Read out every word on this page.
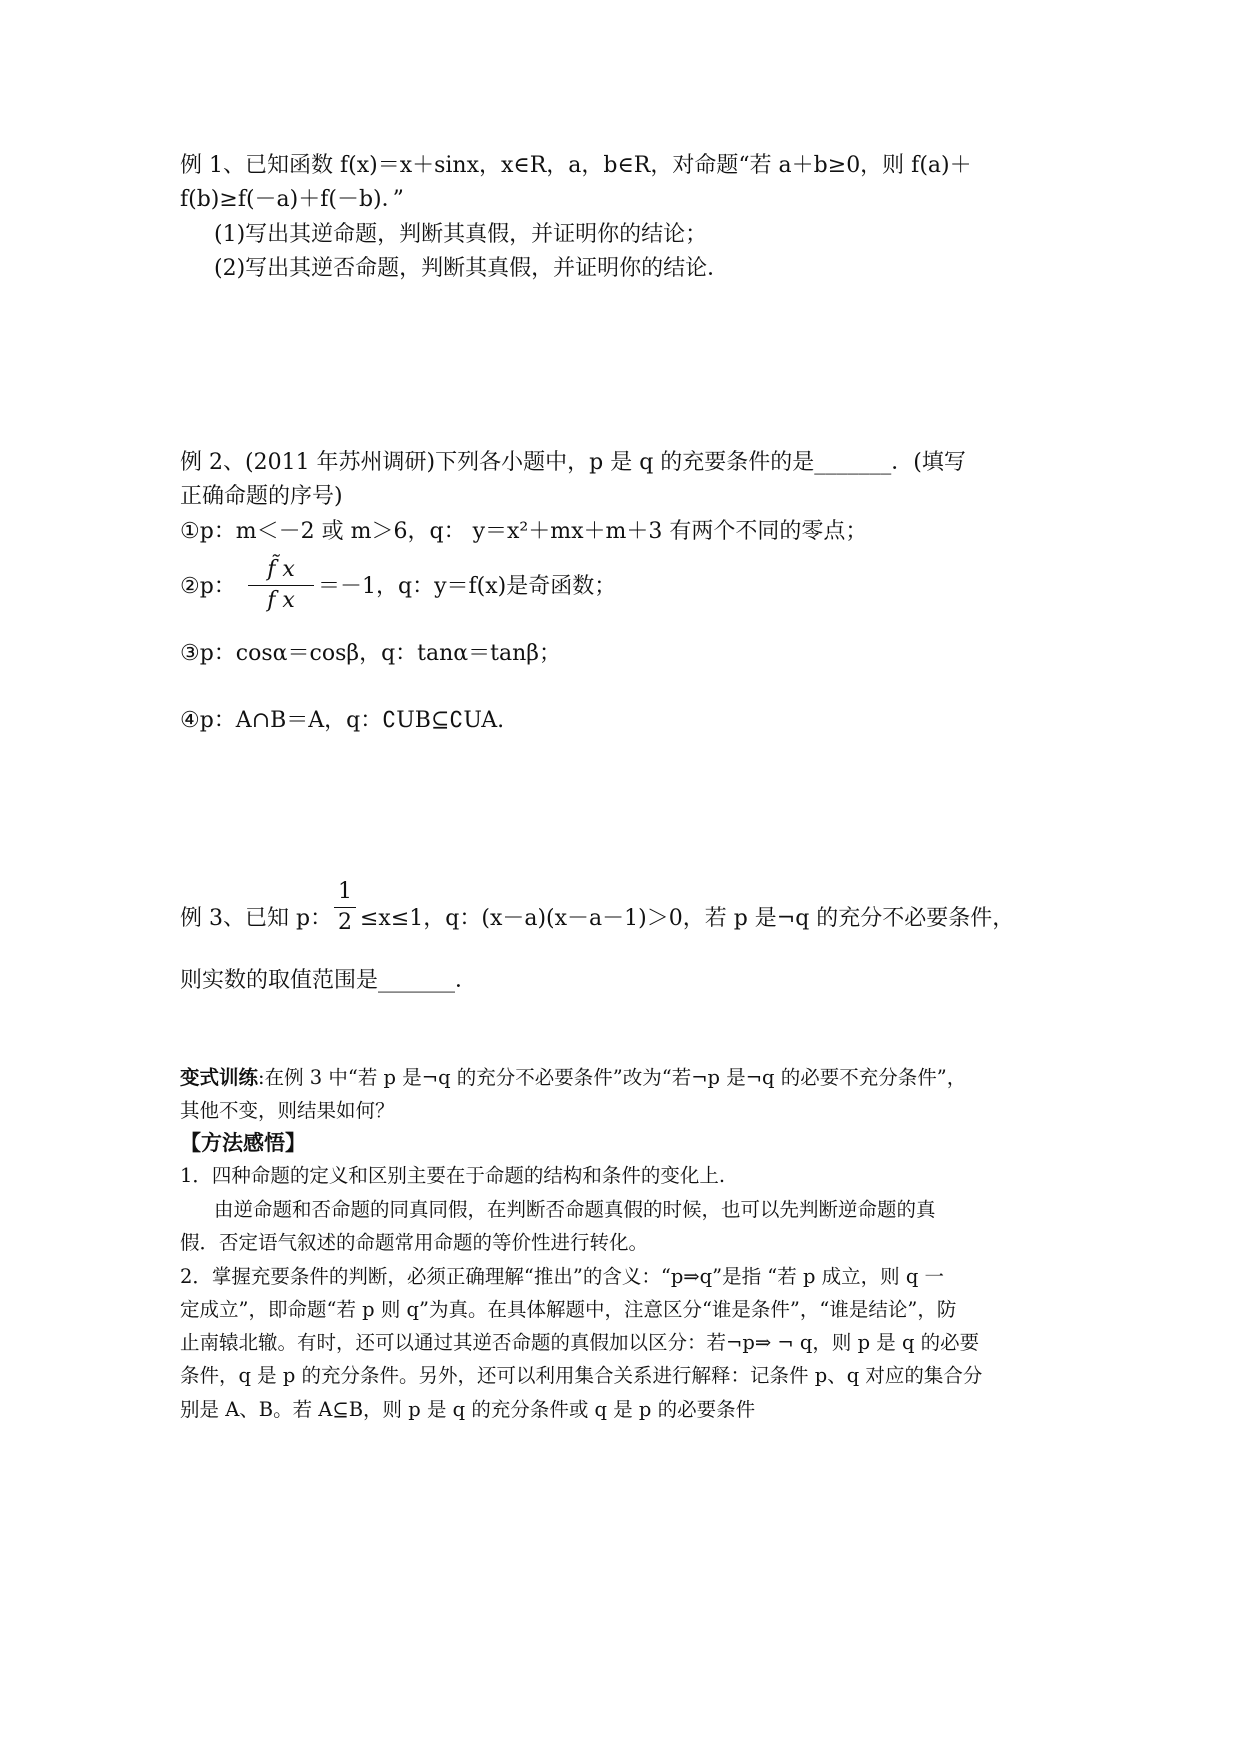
例 1、已知函数 f(x)＝x＋sinx，x∈R，a，b∈R，对命题“若 a＋b≥0，则 f(a)＋
f(b)≥f(－a)＋f(－b)．”
(1)写出其逆命题，判断其真假，并证明你的结论；
(2)写出其逆否命题，判断其真假，并证明你的结论．
例 2、(2011 年苏州调研)下列各小题中，p 是 q 的充要条件的是_______．(填写
正确命题的序号)
①p：m＜－2 或 m＞6，q： y＝x²＋mx＋m＋3 有两个不同的零点；
②p：
f̃ x
f x
＝－1，q：y＝f(x)是奇函数；
③p：cosα＝cosβ，q：tanα＝tanβ；
④p：A∩B＝A，q：∁UB⊆∁UA.
例 3、已知 p：
1
2 ≤x≤1，q：(x－a)(x－a－1)＞0，若 p 是¬q 的充分不必要条件，
则实数的取值范围是_______．
变式训练:在例 3 中“若 p 是¬q 的充分不必要条件”改为“若¬p 是¬q 的必要不充分条件”，
其他不变，则结果如何？
【方法感悟】
1．四种命题的定义和区别主要在于命题的结构和条件的变化上.
由逆命题和否命题的同真同假，在判断否命题真假的时候，也可以先判断逆命题的真
假．否定语气叙述的命题常用命题的等价性进行转化。
2．掌握充要条件的判断，必须正确理解“推出”的含义：“p⇒q”是指 “若 p 成立，则 q 一
定成立”，即命题“若 p 则 q”为真。在具体解题中，注意区分“谁是条件”，“谁是结论”，防
止南辕北辙。有时，还可以通过其逆否命题的真假加以区分：若¬p⇒ ¬ q，则 p 是 q 的必要
条件，q 是 p 的充分条件。另外，还可以利用集合关系进行解释：记条件 p、q 对应的集合分
别是 A、B。若 A⊆B，则 p 是 q 的充分条件或 q 是 p 的必要条件
